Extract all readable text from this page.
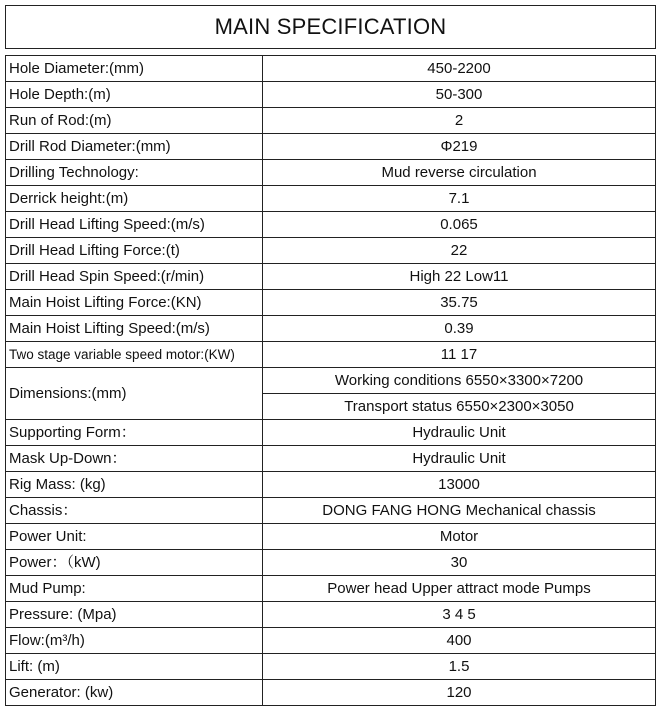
MAIN SPECIFICATION
Hole Diameter:(mm)	450-2200
Hole Depth:(m)	50-300
Run of Rod:(m)	2
Drill Rod Diameter:(mm)	Φ219
Drilling Technology:	Mud reverse circulation
Derrick height:(m)	7.1
Drill Head Lifting Speed:(m/s)	0.065
Drill Head Lifting Force:(t)	22
Drill Head Spin Speed:(r/min)	High 22 Low11
Main Hoist Lifting Force:(KN)	35.75
Main Hoist Lifting Speed:(m/s)	0.39
Two stage variable speed motor:(KW)	11 17
Dimensions:(mm)	Working conditions 6550×3300×7200
	Transport status 6550×2300×3050
Supporting Form：	Hydraulic Unit
Mask Up-Down：	Hydraulic Unit
Rig Mass: (kg)	13000
Chassis：	DONG FANG HONG Mechanical chassis
Power Unit:	Motor
Power：（kW)	30
Mud Pump:	Power head Upper attract mode Pumps
Pressure: (Mpa)	3 4 5
Flow:(m³/h)	400
Lift: (m)	1.5
Generator: (kw)	120
